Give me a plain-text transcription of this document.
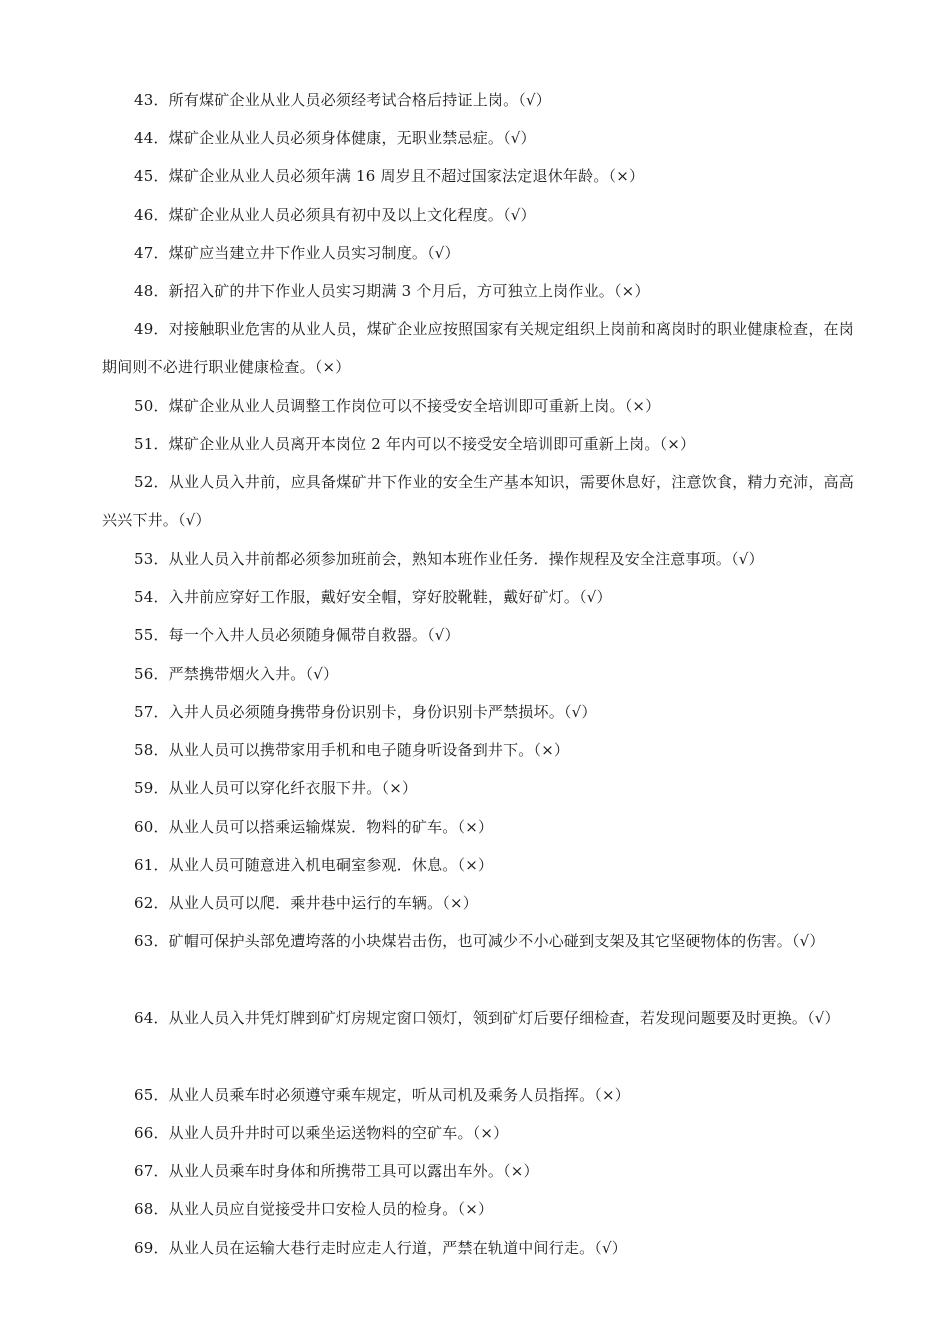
43．所有煤矿企业从业人员必须经考试合格后持证上岗。（√）
44．煤矿企业从业人员必须身体健康，无职业禁忌症。（√）
45．煤矿企业从业人员必须年满 16 周岁且不超过国家法定退休年龄。（×）
46．煤矿企业从业人员必须具有初中及以上文化程度。（√）
47．煤矿应当建立井下作业人员实习制度。（√）
48．新招入矿的井下作业人员实习期满 3 个月后，方可独立上岗作业。（×）
49．对接触职业危害的从业人员，煤矿企业应按照国家有关规定组织上岗前和离岗时的职业健康检查，在岗期间则不必进行职业健康检查。（×）
50．煤矿企业从业人员调整工作岗位可以不接受安全培训即可重新上岗。（×）
51．煤矿企业从业人员离开本岗位 2 年内可以不接受安全培训即可重新上岗。（×）
52．从业人员入井前，应具备煤矿井下作业的安全生产基本知识，需要休息好，注意饮食，精力充沛，高高兴兴下井。（√）
53．从业人员入井前都必须参加班前会，熟知本班作业任务．操作规程及安全注意事项。（√）
54．入井前应穿好工作服，戴好安全帽，穿好胶靴鞋，戴好矿灯。（√）
55．每一个入井人员必须随身佩带自救器。（√）
56．严禁携带烟火入井。（√）
57．入井人员必须随身携带身份识别卡，身份识别卡严禁损坏。（√）
58．从业人员可以携带家用手机和电子随身听设备到井下。（×）
59．从业人员可以穿化纤衣服下井。（×）
60．从业人员可以搭乘运输煤炭．物料的矿车。（×）
61．从业人员可随意进入机电硐室参观．休息。（×）
62．从业人员可以爬．乘井巷中运行的车辆。（×）
63．矿帽可保护头部免遭垮落的小块煤岩击伤，也可减少不小心碰到支架及其它坚硬物体的伤害。（√）
64．从业人员入井凭灯牌到矿灯房规定窗口领灯，领到矿灯后要仔细检查，若发现问题要及时更换。（√）
65．从业人员乘车时必须遵守乘车规定，听从司机及乘务人员指挥。（×）
66．从业人员升井时可以乘坐运送物料的空矿车。（×）
67．从业人员乘车时身体和所携带工具可以露出车外。（×）
68．从业人员应自觉接受井口安检人员的检身。（×）
69．从业人员在运输大巷行走时应走人行道，严禁在轨道中间行走。（√）
